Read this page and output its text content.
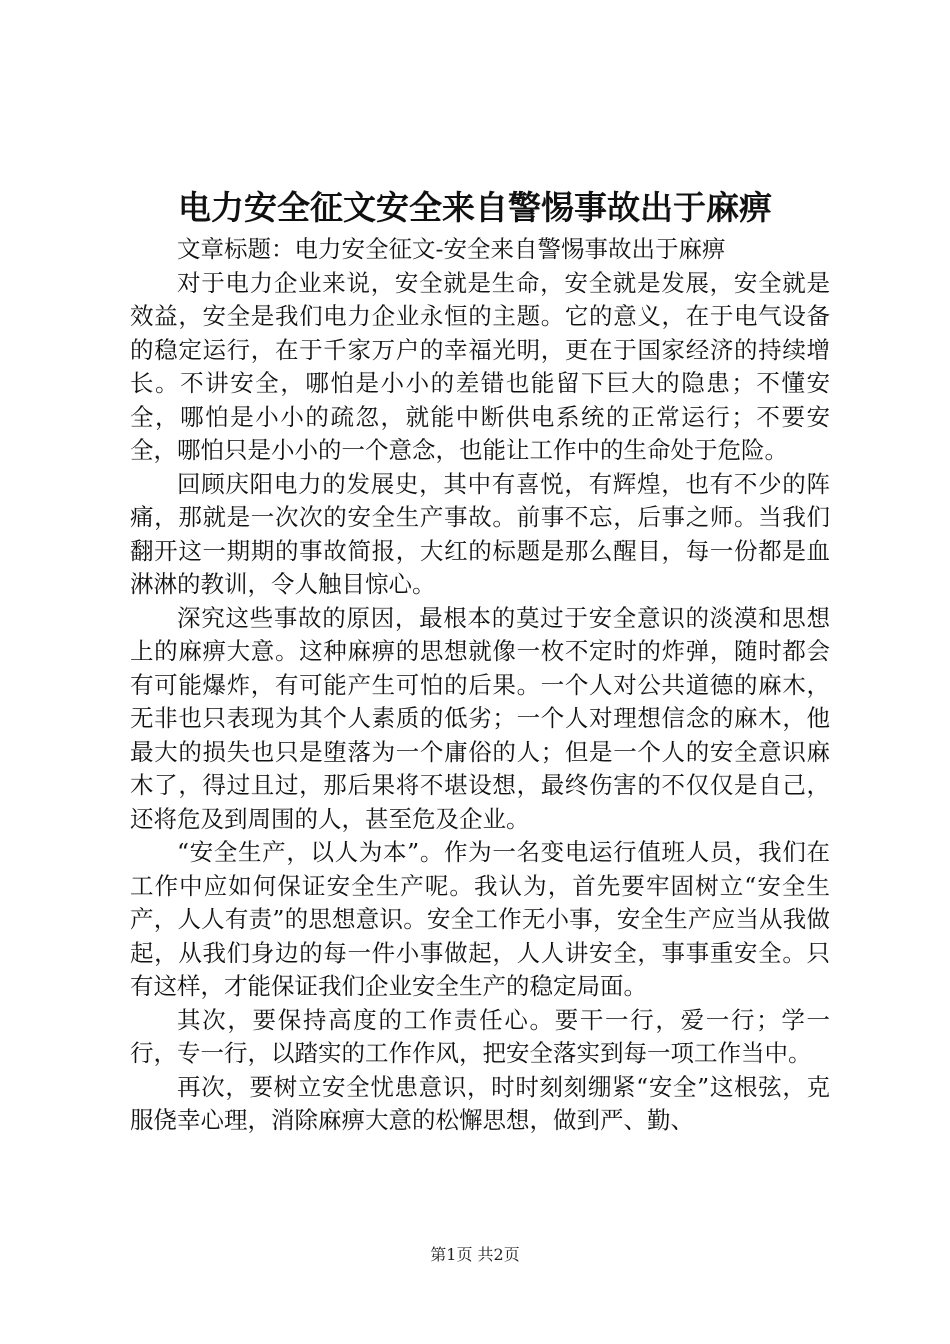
电力安全征文安全来自警惕事故出于麻痹

文章标题：电力安全征文-安全来自警惕事故出于麻痹

对于电力企业来说，安全就是生命，安全就是发展，安全就是效益，安全是我们电力企业永恒的主题。它的意义，在于电气设备的稳定运行，在于千家万户的幸福光明，更在于国家经济的持续增长。不讲安全，哪怕是小小的差错也能留下巨大的隐患；不懂安全，哪怕是小小的疏忽，就能中断供电系统的正常运行；不要安全，哪怕只是小小的一个意念，也能让工作中的生命处于危险。

回顾庆阳电力的发展史，其中有喜悦，有辉煌，也有不少的阵痛，那就是一次次的安全生产事故。前事不忘，后事之师。当我们翻开这一期期的事故简报，大红的标题是那么醒目，每一份都是血淋淋的教训，令人触目惊心。

深究这些事故的原因，最根本的莫过于安全意识的淡漠和思想上的麻痹大意。这种麻痹的思想就像一枚不定时的炸弹，随时都会有可能爆炸，有可能产生可怕的后果。一个人对公共道德的麻木，无非也只表现为其个人素质的低劣；一个人对理想信念的麻木，他最大的损失也只是堕落为一个庸俗的人；但是一个人的安全意识麻木了，得过且过，那后果将不堪设想，最终伤害的不仅仅是自己，还将危及到周围的人，甚至危及企业。

“安全生产，以人为本”。作为一名变电运行值班人员，我们在工作中应如何保证安全生产呢。我认为，首先要牢固树立“安全生产，人人有责”的思想意识。安全工作无小事，安全生产应当从我做起，从我们身边的每一件小事做起，人人讲安全，事事重安全。只有这样，才能保证我们企业安全生产的稳定局面。

其次，要保持高度的工作责任心。要干一行，爱一行；学一行，专一行，以踏实的工作作风，把安全落实到每一项工作当中。

再次，要树立安全忧患意识，时时刻刻绷紧“安全”这根弦，克服侥幸心理，消除麻痹大意的松懈思想，做到严、勤、

第1页 共2页
